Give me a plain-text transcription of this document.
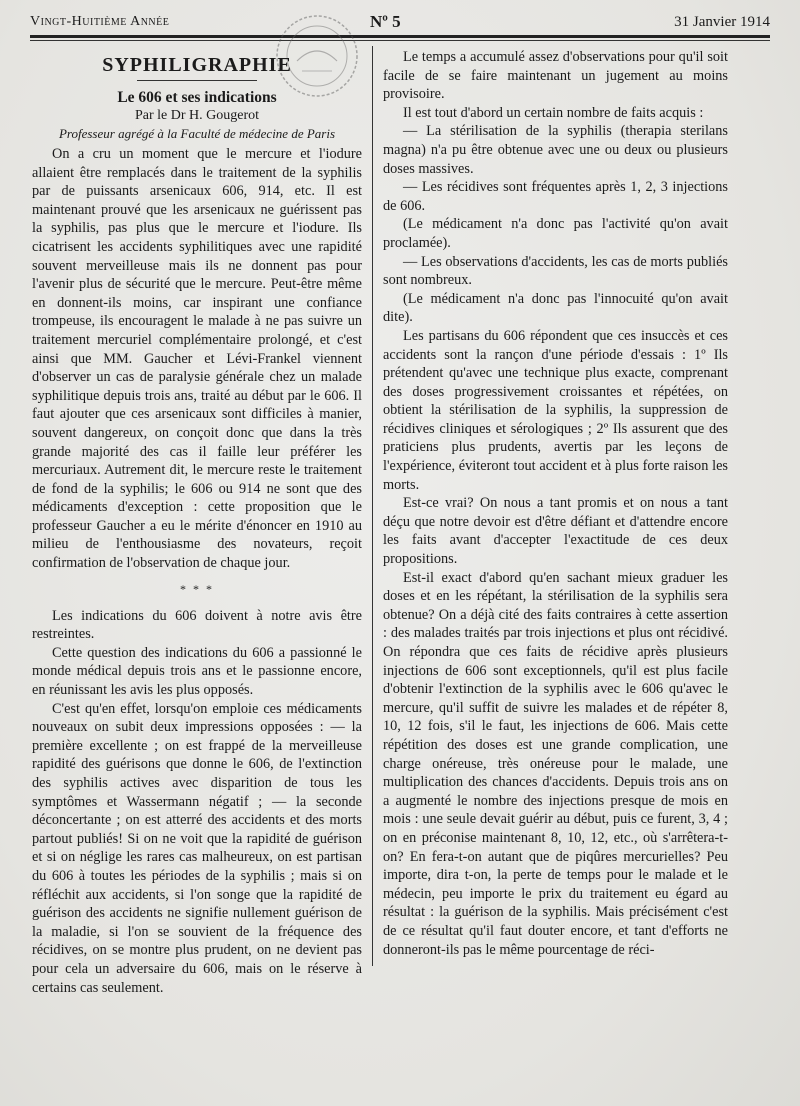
Vingt-Huitième Année	Nº 5	31 Janvier 1914
SYPHILIGRAPHIE
Le 606 et ses indications
Par le Dr H. Gougerot
Professeur agrégé à la Faculté de médecine de Paris

On a cru un moment que le mercure et l'iodure allaient être remplacés dans le traitement de la syphilis par de puissants arsenicaux 606, 914, etc. Il est maintenant prouvé que les arsenicaux ne guérissent pas la syphilis, pas plus que le mercure et l'iodure. Ils cicatrisent les accidents syphilitiques avec une rapidité souvent merveilleuse mais ils ne donnent pas pour l'avenir plus de sécurité que le mercure. Peut-être même en donnent-ils moins, car inspirant une confiance trompeuse, ils encouragent le malade à ne pas suivre un traitement mercuriel complémentaire prolongé, et c'est ainsi que MM. Gaucher et Lévi-Frankel viennent d'observer un cas de paralysie générale chez un malade syphilitique depuis trois ans, traité au début par le 606. Il faut ajouter que ces arsenicaux sont difficiles à manier, souvent dangereux, on conçoit donc que dans la très grande majorité des cas il faille leur préférer les mercuriaux. Autrement dit, le mercure reste le traitement de fond de la syphilis; le 606 ou 914 ne sont que des médicaments d'exception : cette proposition que le professeur Gaucher a eu le mérite d'énoncer en 1910 au milieu de l'enthousiasme des novateurs, reçoit confirmation de l'observation de chaque jour.

* * *

Les indications du 606 doivent à notre avis être restreintes.

Cette question des indications du 606 a passionné le monde médical depuis trois ans et le passionne encore, en réunissant les avis les plus opposés.

C'est qu'en effet, lorsqu'on emploie ces médicaments nouveaux on subit deux impressions opposées : — la première excellente ; on est frappé de la merveilleuse rapidité des guérisons que donne le 606, de l'extinction des syphilis actives avec disparition de tous les symptômes et Wassermann négatif ; — la seconde déconcertante ; on est atterré des accidents et des morts partout publiés! Si on ne voit que la rapidité de guérison et si on néglige les rares cas malheureux, on est partisan du 606 à toutes les périodes de la syphilis ; mais si on réfléchit aux accidents, si l'on songe que la rapidité de guérison des accidents ne signifie nullement guérison de la maladie, si l'on se souvient de la fréquence des récidives, on se montre plus prudent, on ne devient pas pour cela un adversaire du 606, mais on le réserve à certains cas seulement.

Le temps a accumulé assez d'observations pour qu'il soit facile de se faire maintenant un jugement au moins provisoire.

Il est tout d'abord un certain nombre de faits acquis :

— La stérilisation de la syphilis (therapia sterilans magna) n'a pu être obtenue avec une ou deux ou plusieurs doses massives.

— Les récidives sont fréquentes après 1, 2, 3 injections de 606.

(Le médicament n'a donc pas l'activité qu'on avait proclamée).

— Les observations d'accidents, les cas de morts publiés sont nombreux.

(Le médicament n'a donc pas l'innocuité qu'on avait dite).

Les partisans du 606 répondent que ces insuccès et ces accidents sont la rançon d'une période d'essais : 1º Ils prétendent qu'avec une technique plus exacte, comprenant des doses progressivement croissantes et répétées, on obtient la stérilisation de la syphilis, la suppression de récidives cliniques et sérologiques ; 2º Ils assurent que des praticiens plus prudents, avertis par les leçons de l'expérience, éviteront tout accident et à plus forte raison les morts.

Est-ce vrai? On nous a tant promis et on nous a tant déçu que notre devoir est d'être défiant et d'attendre encore les faits avant d'accepter l'exactitude de ces deux propositions.

Est-il exact d'abord qu'en sachant mieux graduer les doses et en les répétant, la stérilisation de la syphilis sera obtenue? On a déjà cité des faits contraires à cette assertion : des malades traités par trois injections et plus ont récidivé. On répondra que ces faits de récidive après plusieurs injections de 606 sont exceptionnels, qu'il est plus facile d'obtenir l'extinction de la syphilis avec le 606 qu'avec le mercure, qu'il suffit de suivre les malades et de répéter 8, 10, 12 fois, s'il le faut, les injections de 606. Mais cette répétition des doses est une grande complication, une charge onéreuse, très onéreuse pour le malade, une multiplication des chances d'accidents. Depuis trois ans on a augmenté le nombre des injections presque de mois en mois : une seule devait guérir au début, puis ce furent, 3, 4 ; on en préconise maintenant 8, 10, 12, etc., où s'arrêtera-t-on? En fera-t-on autant que de piqûres mercurielles? Peu importe, dira t-on, la perte de temps pour le malade et le médecin, peu importe le prix du traitement eu égard au résultat : la guérison de la syphilis. Mais précisément c'est de ce résultat qu'il faut douter encore, et tant d'efforts ne donneront-ils pas le même pourcentage de réci-
